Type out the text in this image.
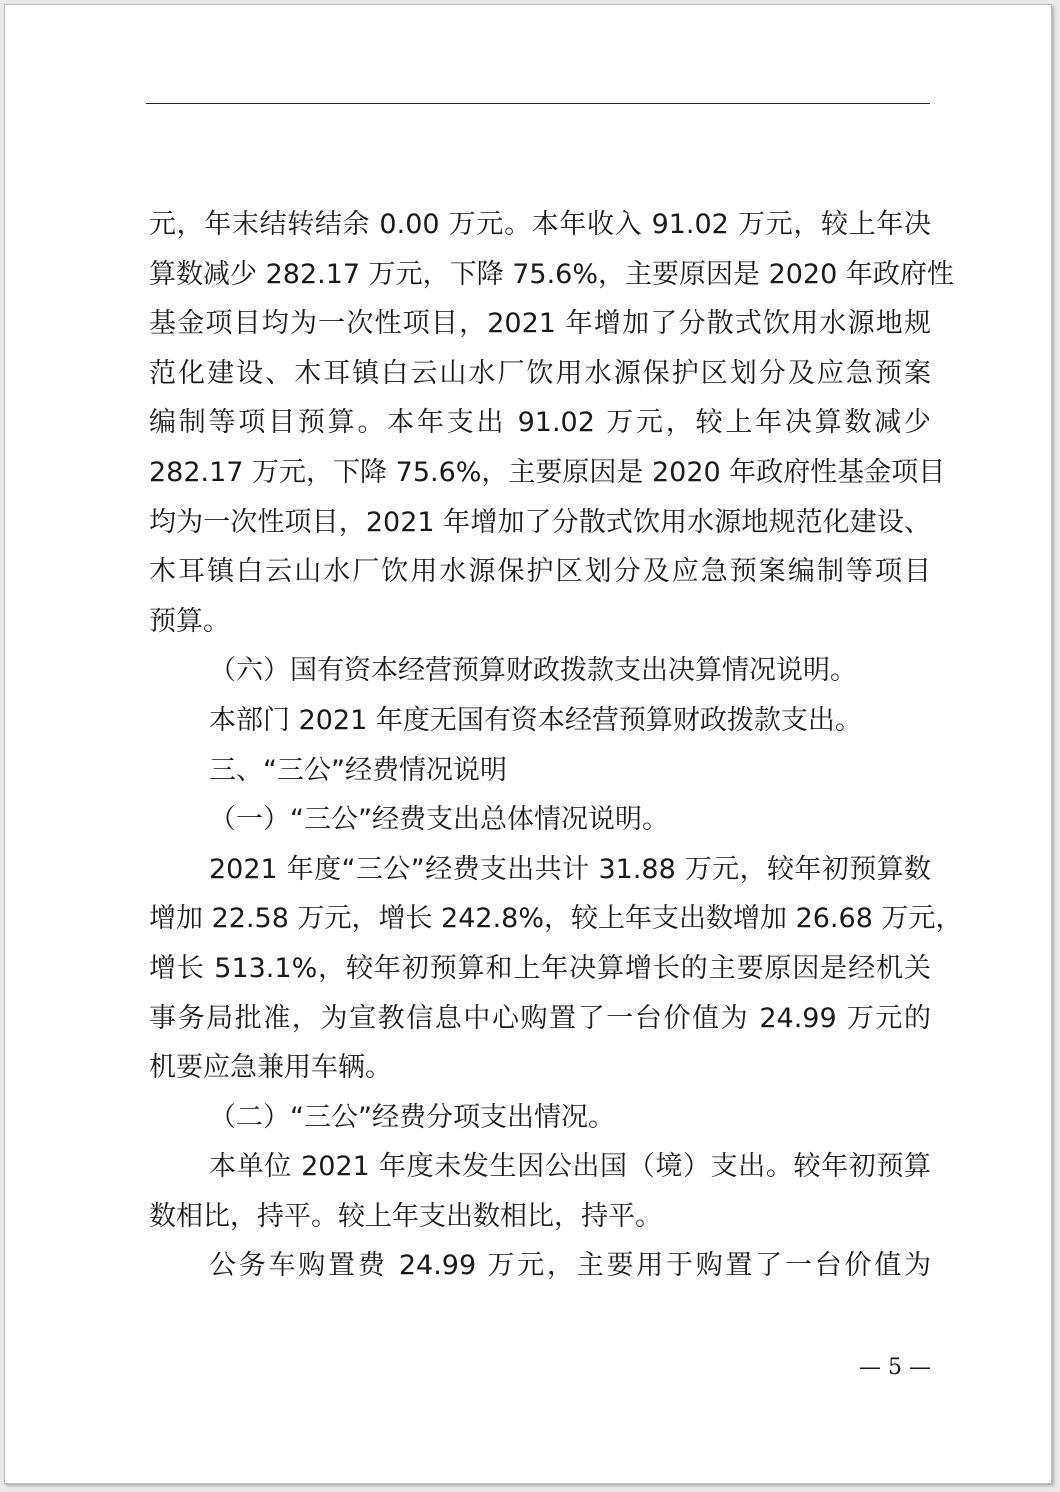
元，年末结转结余 0.00 万元。本年收入 91.02 万元，较上年决
算数减少 282.17 万元，下降 75.6%，主要原因是 2020 年政府性
基金项目均为一次性项目，2021 年增加了分散式饮用水源地规
范化建设、木耳镇白云山水厂饮用水源保护区划分及应急预案
编制等项目预算。本年支出 91.02 万元，较上年决算数减少
282.17 万元，下降 75.6%，主要原因是 2020 年政府性基金项目
均为一次性项目，2021 年增加了分散式饮用水源地规范化建设、
木耳镇白云山水厂饮用水源保护区划分及应急预案编制等项目
预算。
（六）国有资本经营预算财政拨款支出决算情况说明。
本部门 2021 年度无国有资本经营预算财政拨款支出。
三、“三公”经费情况说明
（一）“三公”经费支出总体情况说明。
2021 年度“三公”经费支出共计 31.88 万元，较年初预算数
增加 22.58 万元，增长 242.8%，较上年支出数增加 26.68 万元，
增长 513.1%，较年初预算和上年决算增长的主要原因是经机关
事务局批准，为宣教信息中心购置了一台价值为 24.99 万元的
机要应急兼用车辆。
（二）“三公”经费分项支出情况。
本单位 2021 年度未发生因公出国（境）支出。较年初预算
数相比，持平。较上年支出数相比，持平。
公务车购置费 24.99 万元，主要用于购置了一台价值为
— 5 —
